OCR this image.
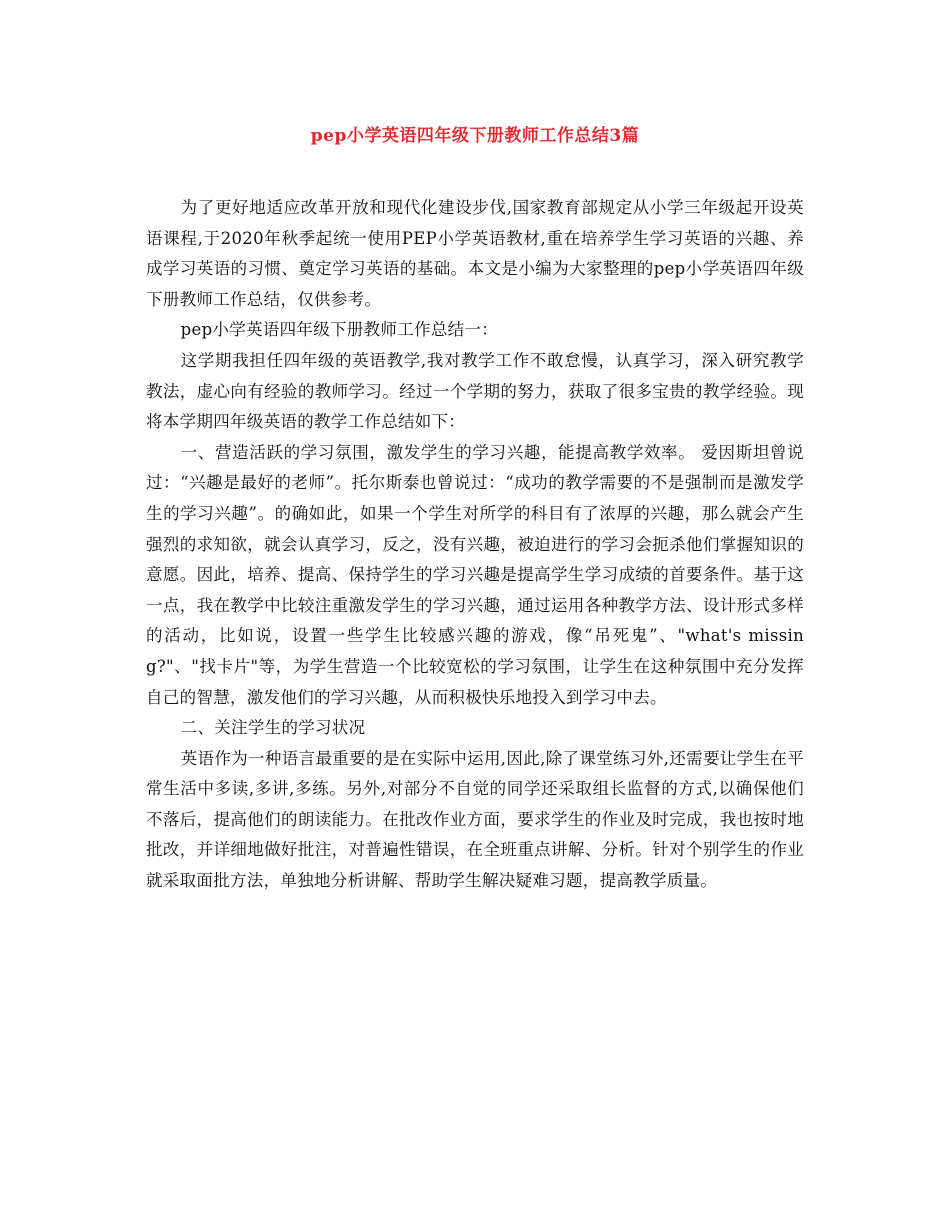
pep小学英语四年级下册教师工作总结3篇

为了更好地适应改革开放和现代化建设步伐,国家教育部规定从小学三年级起开设英语课程,于2020年秋季起统一使用PEP小学英语教材,重在培养学生学习英语的兴趣、养成学习英语的习惯、奠定学习英语的基础。本文是小编为大家整理的pep小学英语四年级下册教师工作总结，仅供参考。

pep小学英语四年级下册教师工作总结一：

这学期我担任四年级的英语教学,我对教学工作不敢怠慢，认真学习，深入研究教学教法，虚心向有经验的教师学习。经过一个学期的努力，获取了很多宝贵的教学经验。现将本学期四年级英语的教学工作总结如下：

一、营造活跃的学习氛围，激发学生的学习兴趣，能提高教学效率。 爱因斯坦曾说过：“兴趣是最好的老师”。托尔斯泰也曾说过：“成功的教学需要的不是强制而是激发学生的学习兴趣”。的确如此，如果一个学生对所学的科目有了浓厚的兴趣，那么就会产生强烈的求知欲，就会认真学习，反之，没有兴趣，被迫进行的学习会扼杀他们掌握知识的意愿。因此，培养、提高、保持学生的学习兴趣是提高学生学习成绩的首要条件。基于这一点，我在教学中比较注重激发学生的学习兴趣，通过运用各种教学方法、设计形式多样的活动，比如说，设置一些学生比较感兴趣的游戏，像“吊死鬼”、"what's missing?"、"找卡片"等，为学生营造一个比较宽松的学习氛围，让学生在这种氛围中充分发挥自己的智慧，激发他们的学习兴趣，从而积极快乐地投入到学习中去。

二、关注学生的学习状况

英语作为一种语言最重要的是在实际中运用,因此,除了课堂练习外,还需要让学生在平常生活中多读,多讲,多练。另外,对部分不自觉的同学还采取组长监督的方式,以确保他们不落后，提高他们的朗读能力。在批改作业方面，要求学生的作业及时完成，我也按时地批改，并详细地做好批注，对普遍性错误，在全班重点讲解、分析。针对个别学生的作业就采取面批方法，单独地分析讲解、帮助学生解决疑难习题，提高教学质量。
